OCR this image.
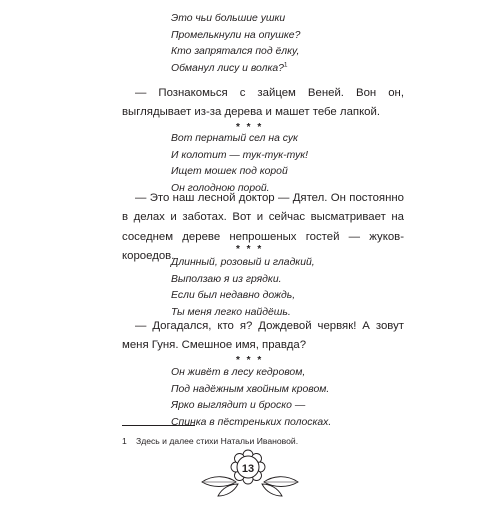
Это чьи большие ушки
Промелькнули на опушке?
Кто запрятался под ёлку,
Обманул лису и волка?$^1$

— Познакомься с зайцем Веней. Вон он, выглядывает из-за дерева и машет тебе лапкой.

* * *
Вот пернатый сел на сук
И колотит — тук-тук-тук!
Ищет мошек под корой
Он голодною порой.

— Это наш лесной доктор — Дятел. Он постоянно в делах и заботах. Вот и сейчас высматривает на соседнем дереве непрошеных гостей — жуков-короедов.

* * *
Длинный, розовый и гладкий,
Выползаю я из грядки.
Если был недавно дождь,
Ты меня легко найдёшь.

— Догадался, кто я? Дождевой червяк! А зовут меня Гуня. Смешное имя, правда?

* * *
Он живёт в лесу кедровом,
Под надёжным хвойным кровом.
Ярко выглядит и броско —
Спинка в пёстреньких полосках.
1 Здесь и далее стихи Натальи Ивановой.
13
